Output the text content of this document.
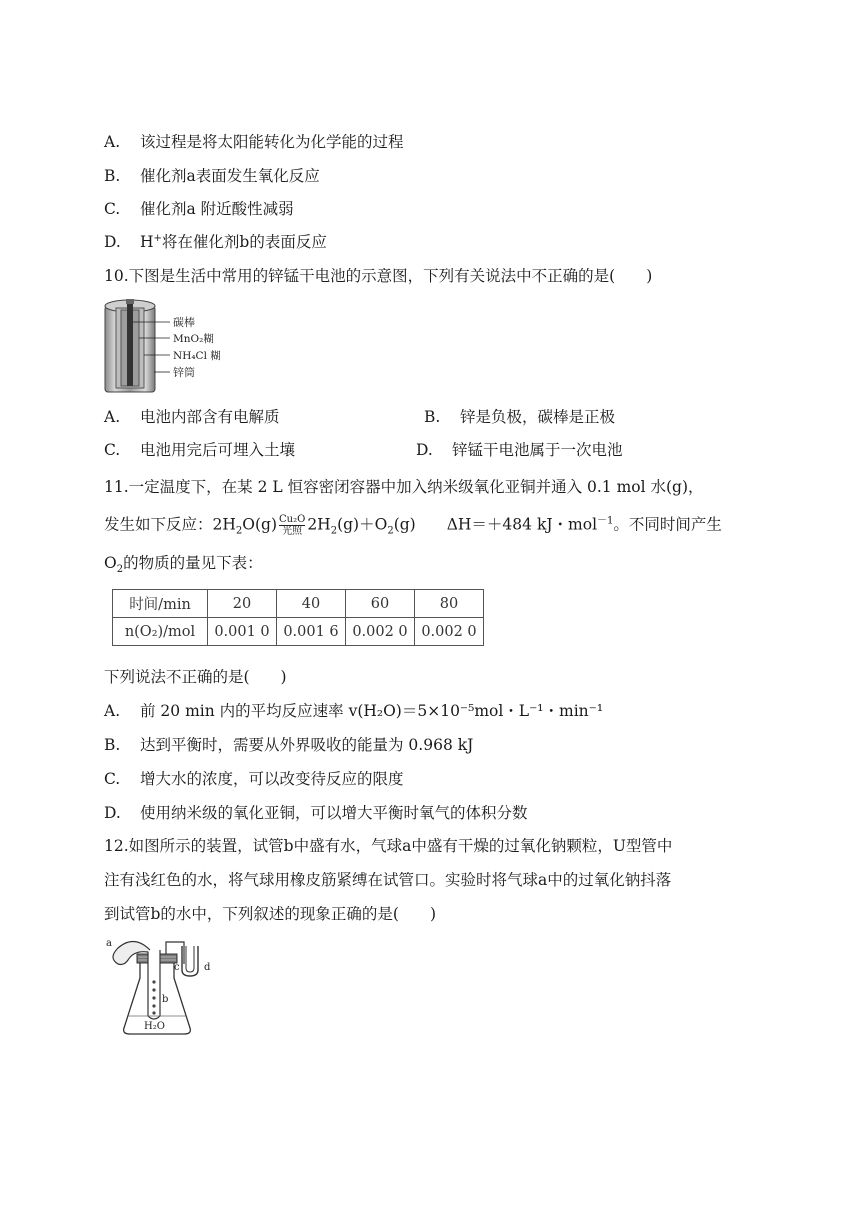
A. 该过程是将太阳能转化为化学能的过程
B. 催化剂a表面发生氧化反应
C. 催化剂a 附近酸性减弱
D. H+将在催化剂b的表面反应
10.下图是生活中常用的锌锰干电池的示意图，下列有关说法中不正确的是(　　)
碳棒
MnO₂糊
NH₄Cl 糊
锌筒
A. 电池内部含有电解质	B. 锌是负极，碳棒是正极
C. 电池用完后可埋入土壤	D. 锌锰干电池属于一次电池
11.一定温度下，在某 2 L 恒容密闭容器中加入纳米级氧化亚铜并通入 0.1 mol 水(g)，
发生如下反应：$2H_2O(g) \frac{\text{Cu₂O}}{\text{光照}} 2H_2(g)+O_2(g)$　　ΔH＝＋484 kJ・mol$^{-1}$。不同时间产生
$O_2$的物质的量见下表：
时间/min	20	40	60	80
n(O₂)/mol	0.001 0	0.001 6	0.002 0	0.002 0
下列说法不正确的是(　　)
A. 前 20 min 内的平均反应速率 v(H₂O)＝5×10⁻⁵mol・L⁻¹・min⁻¹
B. 达到平衡时，需要从外界吸收的能量为 0.968 kJ
C. 增大水的浓度，可以改变待反应的限度
D. 使用纳米级的氧化亚铜，可以增大平衡时氧气的体积分数
12.如图所示的装置，试管b中盛有水，气球a中盛有干燥的过氧化钠颗粒，U型管中
注有浅红色的水，将气球用橡皮筋紧缚在试管口。实验时将气球a中的过氧化钠抖落
到试管b的水中，下列叙述的现象正确的是(　　)
a
b
c d
H₂O
